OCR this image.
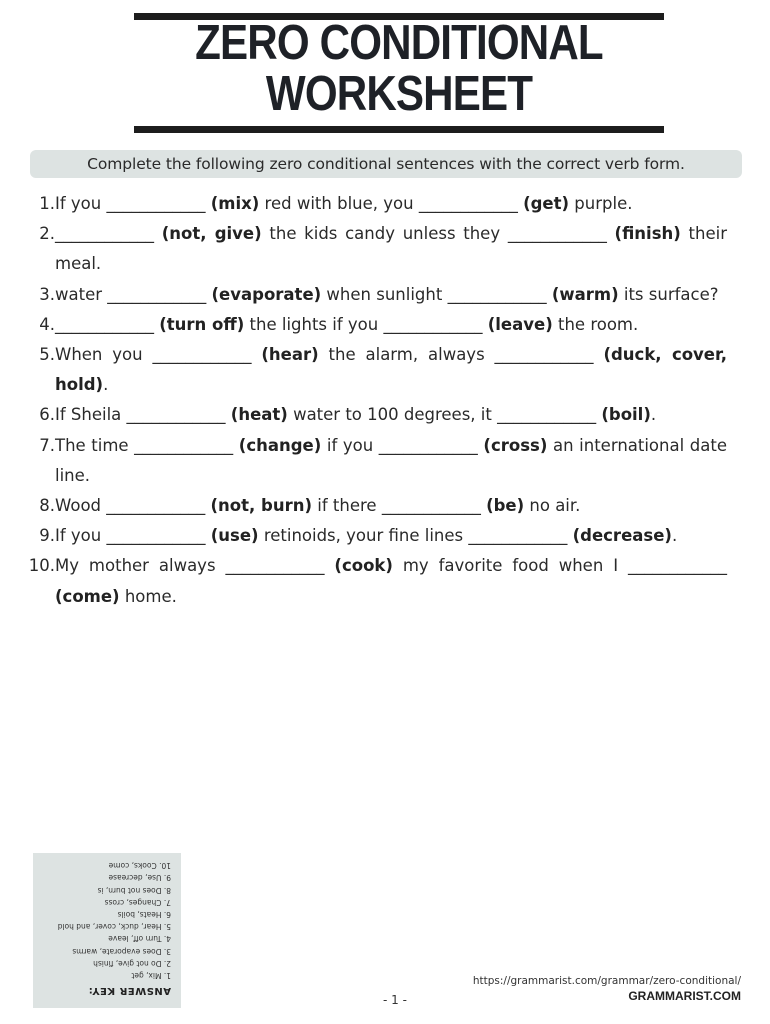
ZERO CONDITIONAL
WORKSHEET
Complete the following zero conditional sentences with the correct verb form.
1. If you ____________ (mix) red with blue, you ____________ (get) purple.
2. ____________ (not, give) the kids candy unless they ____________ (finish) their meal.
3. water ____________ (evaporate) when sunlight ____________ (warm) its surface?
4. ____________ (turn off) the lights if you ____________ (leave) the room.
5. When you ____________ (hear) the alarm, always ____________ (duck, cover, hold).
6. If Sheila ____________ (heat) water to 100 degrees, it ____________ (boil).
7. The time ____________ (change) if you ____________ (cross) an international date line.
8. Wood ____________ (not, burn) if there ____________ (be) no air.
9. If you ____________ (use) retinoids, your fine lines ____________ (decrease).
10. My mother always ____________ (cook) my favorite food when I ____________ (come) home.
ANSWER KEY:
1. Mix, get
2. Do not give, finish
3. Does evaporate, warms
4. Turn off, leave
5. Hear, duck, cover, and hold
6. Heats, boils
7. Changes, cross
8. Does not burn, is
9. Use, decrease
10. Cooks, come
- 1 -
https://grammarist.com/grammar/zero-conditional/
GRAMMARIST.COM
